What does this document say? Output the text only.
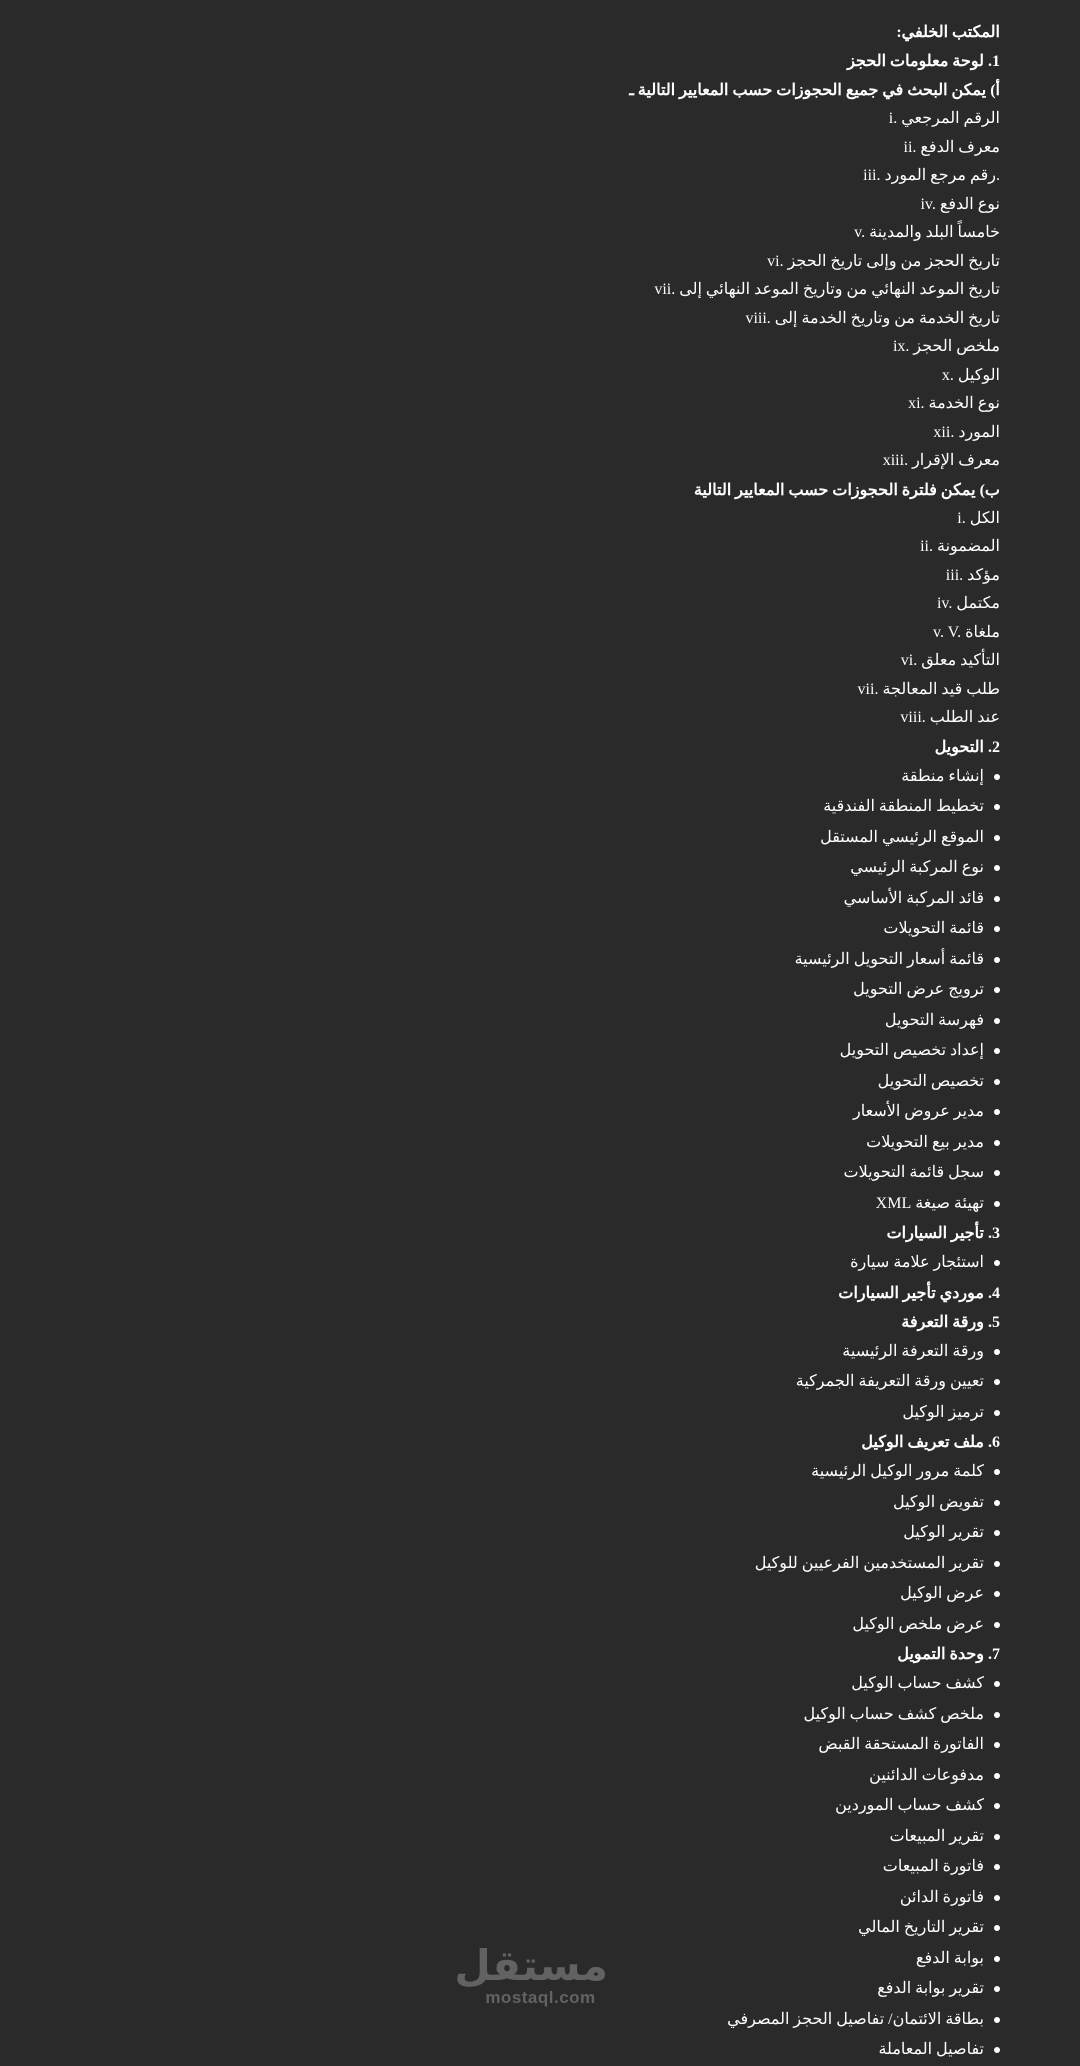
المكتب الخلفي:
1. لوحة معلومات الحجز
أ) يمكن البحث في جميع الحجوزات حسب المعايير التالية ـ
i. الرقم المرجعي
ii. معرف الدفع
iii. رقم مرجع المورد.
iv. نوع الدفع
v. خامساً البلد والمدينة
vi. تاريخ الحجز من وإلى تاريخ الحجز
vii. تاريخ الموعد النهائي من وتاريخ الموعد النهائي إلى
viii. تاريخ الخدمة من وتاريخ الخدمة إلى
ix. ملخص الحجز
x. الوكيل
xi. نوع الخدمة
xii. المورد
xiii. معرف الإقرار
ب) يمكن فلترة الحجوزات حسب المعايير التالية
i. الكل
ii. المضمونة
iii. مؤكد
iv. مكتمل
v. V. ملغاة
vi. التأكيد معلق
vii. طلب قيد المعالجة
viii. عند الطلب
2. التحويل
إنشاء منطقة
تخطيط المنطقة الفندقية
الموقع الرئيسي المستقل
نوع المركبة الرئيسي
قائد المركبة الأساسي
قائمة التحويلات
قائمة أسعار التحويل الرئيسية
ترويج عرض التحويل
فهرسة التحويل
إعداد تخصيص التحويل
تخصيص التحويل
مدير عروض الأسعار
مدير بيع التحويلات
سجل قائمة التحويلات
تهيئة صيغة XML
3. تأجير السيارات
استئجار علامة سيارة
4. موردي تأجير السيارات
5. ورقة التعرفة
ورقة التعرفة الرئيسية
تعيين ورقة التعريفة الجمركية
ترميز الوكيل
6. ملف تعريف الوكيل
كلمة مرور الوكيل الرئيسية
تفويض الوكيل
تقرير الوكيل
تقرير المستخدمين الفرعيين للوكيل
عرض الوكيل
عرض ملخص الوكيل
7. وحدة التمويل
كشف حساب الوكيل
ملخص كشف حساب الوكيل
الفاتورة المستحقة القبض
مدفوعات الدائنين
كشف حساب الموردين
تقرير المبيعات
فاتورة المبيعات
فاتورة الدائن
تقرير التاريخ المالي
بوابة الدفع
تقرير بوابة الدفع
بطاقة الائتمان/ تفاصيل الحجز المصرفي
تفاصيل المعاملة
مستقل
mostaql.com
